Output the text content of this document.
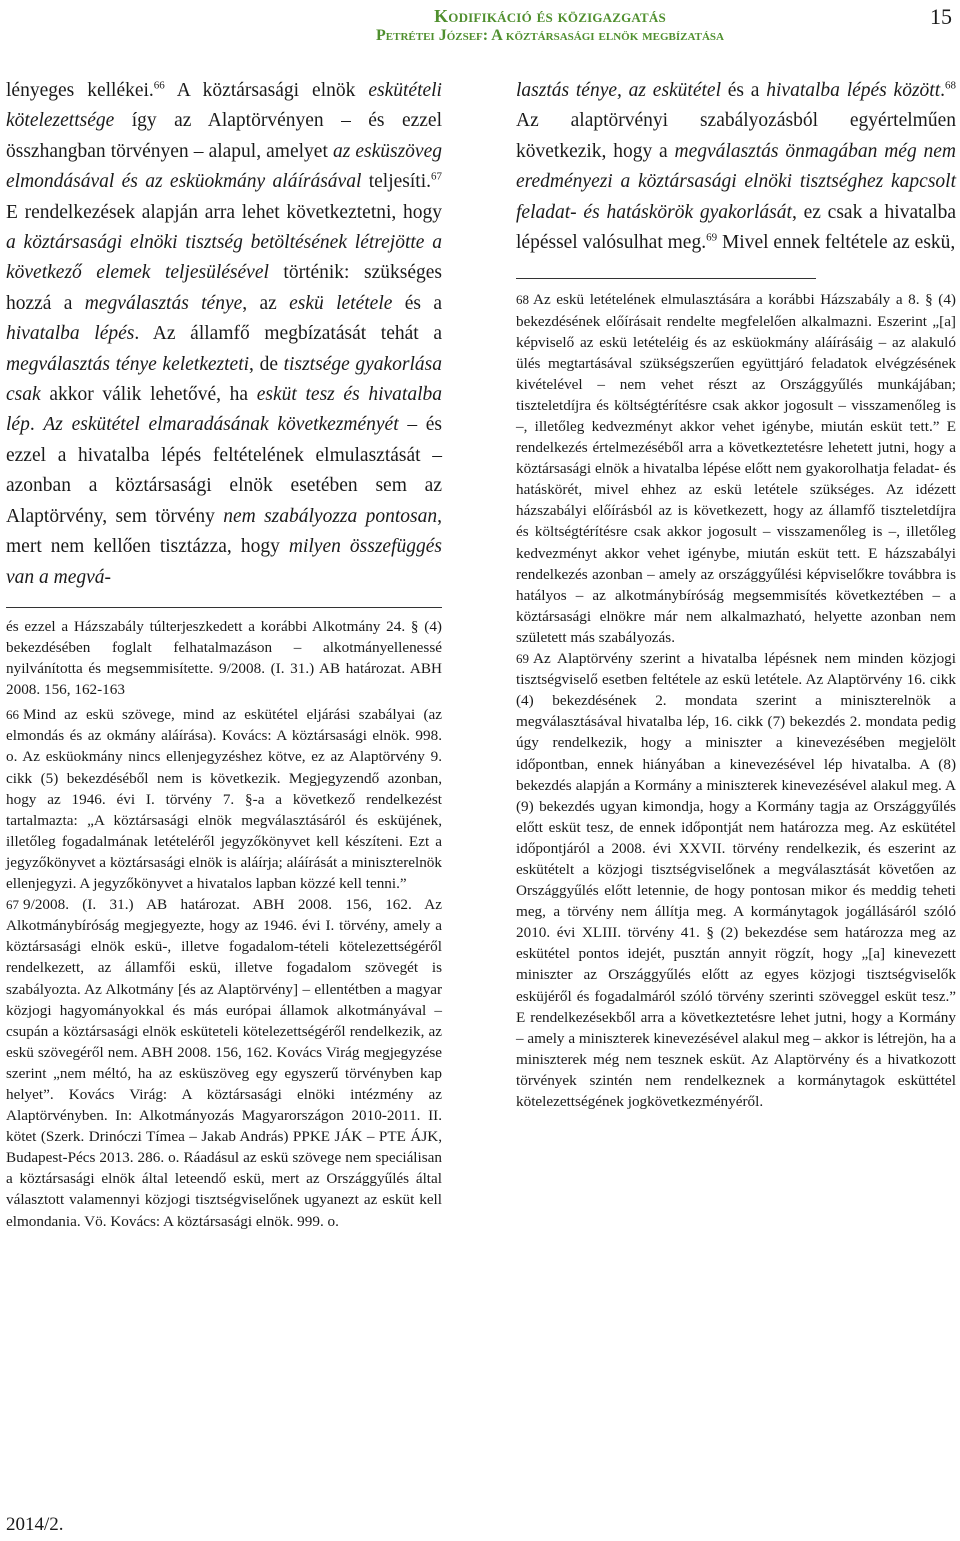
Kodifikáció és közigazgatás
Petrétei József: A köztársasági elnök megbízatása
15

lényeges kellékei.$^{66}$ A köztársasági elnök eskütételi kötelezettsége így az Alaptörvényen – és ezzel összhangban törvényen – alapul, amelyet az esküszöveg elmondásával és az esküokmány aláírásával teljesíti.$^{67}$ E rendelkezések alapján arra lehet következtetni, hogy a köztársasági elnöki tisztség betöltésének létrejötte a következő elemek teljesülésével történik: szükséges hozzá a megválasztás ténye, az eskü letétele és a hivatalba lépés. Az államfő megbízatását tehát a megválasztás ténye keletkezteti, de tisztsége gyakorlása csak akkor válik lehetővé, ha esküt tesz és hivatalba lép. Az eskütétel elmaradásának következményét – és ezzel a hivatalba lépés feltételének elmulasztását – azonban a köztársasági elnök esetében sem az Alaptörvény, sem törvény nem szabályozza pontosan, mert nem kellően tisztázza, hogy milyen összefüggés van a megvá-

és ezzel a Házszabály túlterjeszkedett a korábbi Alkotmány 24. § (4) bekezdésében foglalt felhatalmazáson – alkotmányellenessé nyilvánította és megsemmisítette. 9/2008. (I. 31.) AB határozat. ABH 2008. 156, 162-163

66 Mind az eskü szövege, mind az eskütétel eljárási szabályai (az elmondás és az okmány aláírása). Kovács: A köztársasági elnök. 998. o. Az esküokmány nincs ellenjegyzéshez kötve, ez az Alaptörvény 9. cikk (5) bekezdéséből nem is következik. Megjegyzendő azonban, hogy az 1946. évi I. törvény 7. §-a a következő rendelkezést tartalmazta: „A köztársasági elnök megválasztásáról és esküjének, illetőleg fogadalmának letételéről jegyzőkönyvet kell készíteni. Ezt a jegyzőkönyvet a köztársasági elnök is aláírja; aláírását a miniszterelnök ellenjegyzi. A jegyzőkönyvet a hivatalos lapban közzé kell tenni.”

67 9/2008. (I. 31.) AB határozat. ABH 2008. 156, 162. Az Alkotmánybíróság megjegyezte, hogy az 1946. évi I. törvény, amely a köztársasági elnök eskü-, illetve fogadalom-tételi kötelezettségéről rendelkezett, az államfői eskü, illetve fogadalom szövegét is szabályozta. Az Alkotmány [és az Alaptörvény] – ellentétben a magyar közjogi hagyományokkal és más európai államok alkotmányával – csupán a köztársasági elnök esküteteli kötelezettségéről rendelkezik, az eskü szövegéről nem. ABH 2008. 156, 162. Kovács Virág megjegyzése szerint „nem méltó, ha az esküszöveg egy egyszerű törvényben kap helyet”. Kovács Virág: A köztársasági elnöki intézmény az Alaptörvényben. In: Alkotmányozás Magyarországon 2010-2011. II. kötet (Szerk. Drinóczi Tímea – Jakab András) PPKE JÁK – PTE ÁJK, Budapest-Pécs 2013. 286. o. Ráadásul az eskü szövege nem speciálisan a köztársasági elnök által leteendő eskü, mert az Országgyűlés által választott valamennyi közjogi tisztségviselőnek ugyanezt az esküt kell elmondania. Vö. Kovács: A köztársasági elnök. 999. o.

lasztás ténye, az eskütétel és a hivatalba lépés között.$^{68}$ Az alaptörvényi szabályozásból egyértelműen következik, hogy a megválasztás önmagában még nem eredményezi a köztársasági elnöki tisztséghez kapcsolt feladat- és hatáskörök gyakorlását, ez csak a hivatalba lépéssel valósulhat meg.$^{69}$ Mivel ennek feltétele az eskü,

68 Az eskü letételének elmulasztására a korábbi Házszabály a 8. § (4) bekezdésének előírásait rendelte megfelelően alkalmazni. Eszerint „[a] képviselő az eskü letételéig és az esküokmány aláírásáig – az alakuló ülés megtartásával szükségszerűen együttjáró feladatok elvégzésének kivételével – nem vehet részt az Országgyűlés munkájában; tiszteletdíjra és költségtérítésre csak akkor jogosult – visszamenőleg is –, illetőleg kedvezményt akkor vehet igénybe, miután esküt tett.” E rendelkezés értelmezéséből arra a következtetésre lehetett jutni, hogy a köztársasági elnök a hivatalba lépése előtt nem gyakorolhatja feladat- és hatáskörét, mivel ehhez az eskü letétele szükséges. Az idézett házszabályi előírásból az is következett, hogy az államfő tiszteletdíjra és költségtérítésre csak akkor jogosult – visszamenőleg is –, illetőleg kedvezményt akkor vehet igénybe, miután esküt tett. E házszabályi rendelkezés azonban – amely az országgyűlési képviselőkre továbbra is hatályos – az alkotmánybíróság megsemmisítés következtében – a köztársasági elnökre már nem alkalmazható, helyette azonban nem született más szabályozás.

69 Az Alaptörvény szerint a hivatalba lépésnek nem minden közjogi tisztségviselő esetben feltétele az eskü letétele. Az Alaptörvény 16. cikk (4) bekezdésének 2. mondata szerint a miniszterelnök a megválasztásával hivatalba lép, 16. cikk (7) bekezdés 2. mondata pedig úgy rendelkezik, hogy a miniszter a kinevezésében megjelölt időpontban, ennek hiányában a kinevezésével lép hivatalba. A (8) bekezdés alapján a Kormány a miniszterek kinevezésével alakul meg. A (9) bekezdés ugyan kimondja, hogy a Kormány tagja az Országgyűlés előtt esküt tesz, de ennek időpontját nem határozza meg. Az eskütétel időpontjáról a 2008. évi XXVII. törvény rendelkezik, és eszerint az eskütételt a közjogi tisztségviselőnek a megválasztását követően az Országgyűlés előtt letennie, de hogy pontosan mikor és meddig teheti meg, a törvény nem állítja meg. A kormánytagok jogállásáról szóló 2010. évi XLIII. törvény 41. § (2) bekezdése sem határozza meg az eskütétel pontos idejét, pusztán annyit rögzít, hogy „[a] kinevezett miniszter az Országgyűlés előtt az egyes közjogi tisztségviselők esküjéről és fogadalmáról szóló törvény szerinti szöveggel esküt tesz.” E rendelkezésekből arra a következtetésre lehet jutni, hogy a Kormány – amely a miniszterek kinevezésével alakul meg – akkor is létrejön, ha a miniszterek még nem tesznek esküt. Az Alaptörvény és a hivatkozott törvények szintén nem rendelkeznek a kormánytagok esküttétel kötelezettségének jogkövetkezményéről.

2014/2.
